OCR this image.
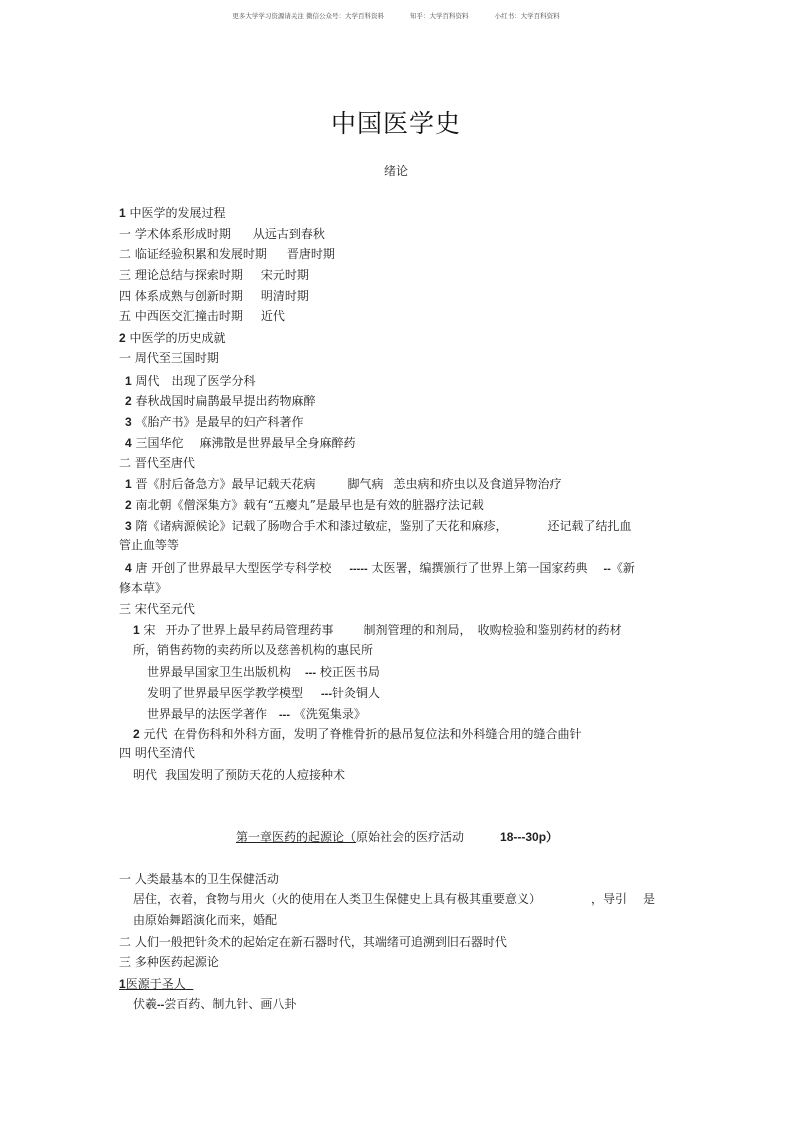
更多大学学习资源请关注 微信公众号：大学百科资料	知乎：大学百科资料	小红书：大学百科资料
中国医学史
绪论
1 中医学的发展过程
一 学术体系形成时期 从远古到春秋
二 临证经验积累和发展时期 晋唐时期
三 理论总结与探索时期 宋元时期
四 体系成熟与创新时期 明清时期
五 中西医交汇撞击时期 近代
2 中医学的历史成就
一 周代至三国时期
1 周代 出现了医学分科
2 春秋战国时扁鹊最早提出药物麻醉
3 《胎产书》是最早的妇产科著作
4 三国华佗 麻沸散是世界最早全身麻醉药
二 晋代至唐代
1 晋《肘后备急方》最早记载天花病	脚气病 恙虫病和疥虫以及食道异物治疗
2 南北朝《僧深集方》载有“五瘿丸”是最早也是有效的脏器疗法记载
3 隋《诸病源候论》记载了肠吻合手术和漆过敏症，鉴别了天花和麻疹，	还记载了结扎血
管止血等等
4 唐 开创了世界最早大型医学专科学校 ----- 太医署，编撰颁行了世界上第一国家药典 --《新
修本草》
三 宋代至元代
1 宋 开办了世界上最早药局管理药事	制剂管理的和剂局， 收购检验和鉴别药材的药材
所，销售药物的卖药所以及慈善机构的惠民所
世界最早国家卫生出版机构 --- 校正医书局
发明了世界最早医学教学模型 ---针灸铜人
世界最早的法医学著作 --- 《洗冤集录》
2 元代 在骨伤科和外科方面，发明了脊椎骨折的悬吊复位法和外科缝合用的缝合曲针
四 明代至清代
明代 我国发明了预防天花的人痘接种术
第一章医药的起源论（原始社会的医疗活动	18---30p）
一 人类最基本的卫生保健活动
居住，衣着，食物与用火（火的使用在人类卫生保健史上具有极其重要意义）	，导引 是
由原始舞蹈演化而来，婚配
二 人们一般把针灸术的起始定在新石器时代，其端绪可追溯到旧石器时代
三 多种医药起源论
1医源于圣人
伏羲--尝百药、制九针、画八卦
